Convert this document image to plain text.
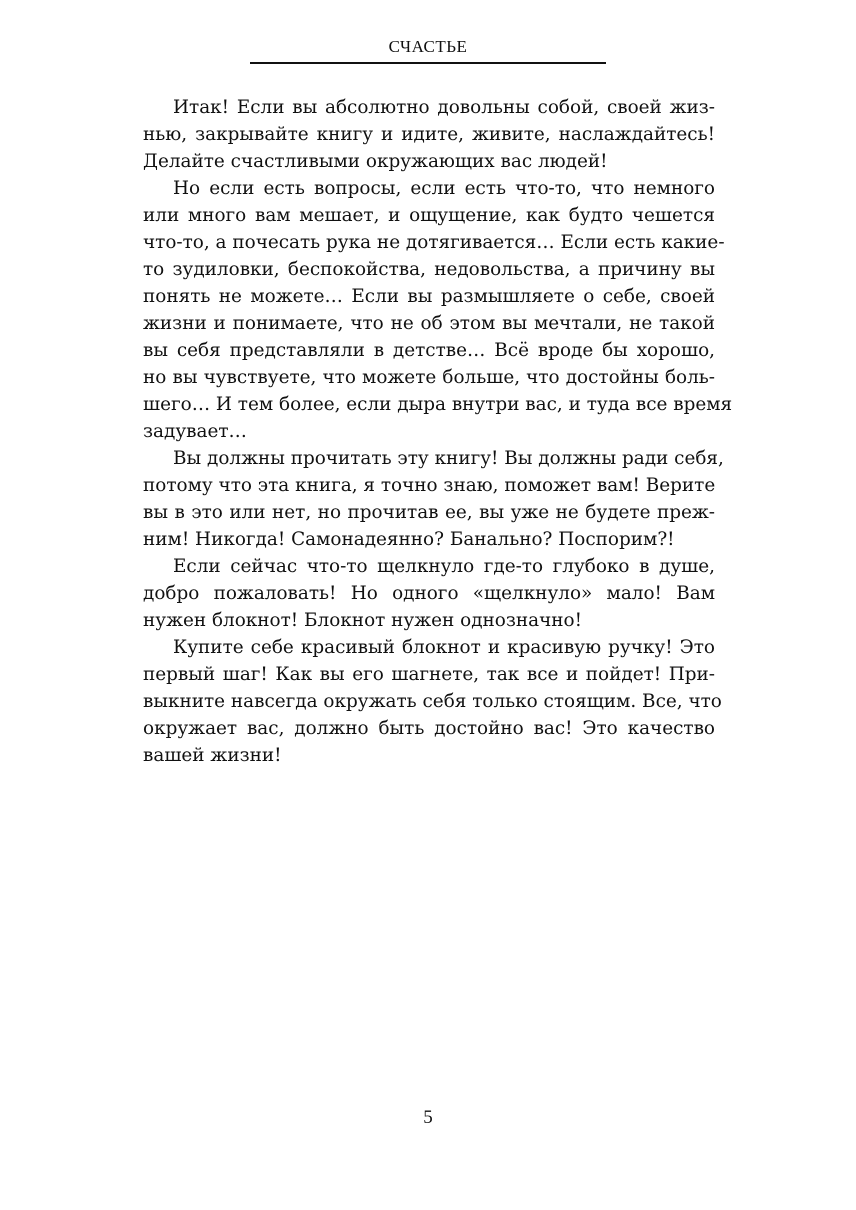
СЧАСТЬЕ
Итак! Если вы абсолютно довольны собой, своей жиз-
нью, закрывайте книгу и идите, живите, наслаждайтесь!
Делайте счастливыми окружающих вас людей!
Но если есть вопросы, если есть что-то, что немного
или много вам мешает, и ощущение, как будто чешется
что-то, а почесать рука не дотягивается… Если есть какие-
то зудиловки, беспокойства, недовольства, а причину вы
понять не можете… Если вы размышляете о себе, своей
жизни и понимаете, что не об этом вы мечтали, не такой
вы себя представляли в детстве… Всё вроде бы хорошо,
но вы чувствуете, что можете больше, что достойны боль-
шего… И тем более, если дыра внутри вас, и туда все время
задувает…
Вы должны прочитать эту книгу! Вы должны ради себя,
потому что эта книга, я точно знаю, поможет вам! Верите
вы в это или нет, но прочитав ее, вы уже не будете преж-
ним! Никогда! Самонадеянно? Банально? Поспорим?!
Если сейчас что-то щелкнуло где-то глубоко в душе,
добро пожаловать! Но одного «щелкнуло» мало! Вам
нужен блокнот! Блокнот нужен однозначно!
Купите себе красивый блокнот и красивую ручку! Это
первый шаг! Как вы его шагнете, так все и пойдет! При-
выкните навсегда окружать себя только стоящим. Все, что
окружает вас, должно быть достойно вас! Это качество
вашей жизни!
5
